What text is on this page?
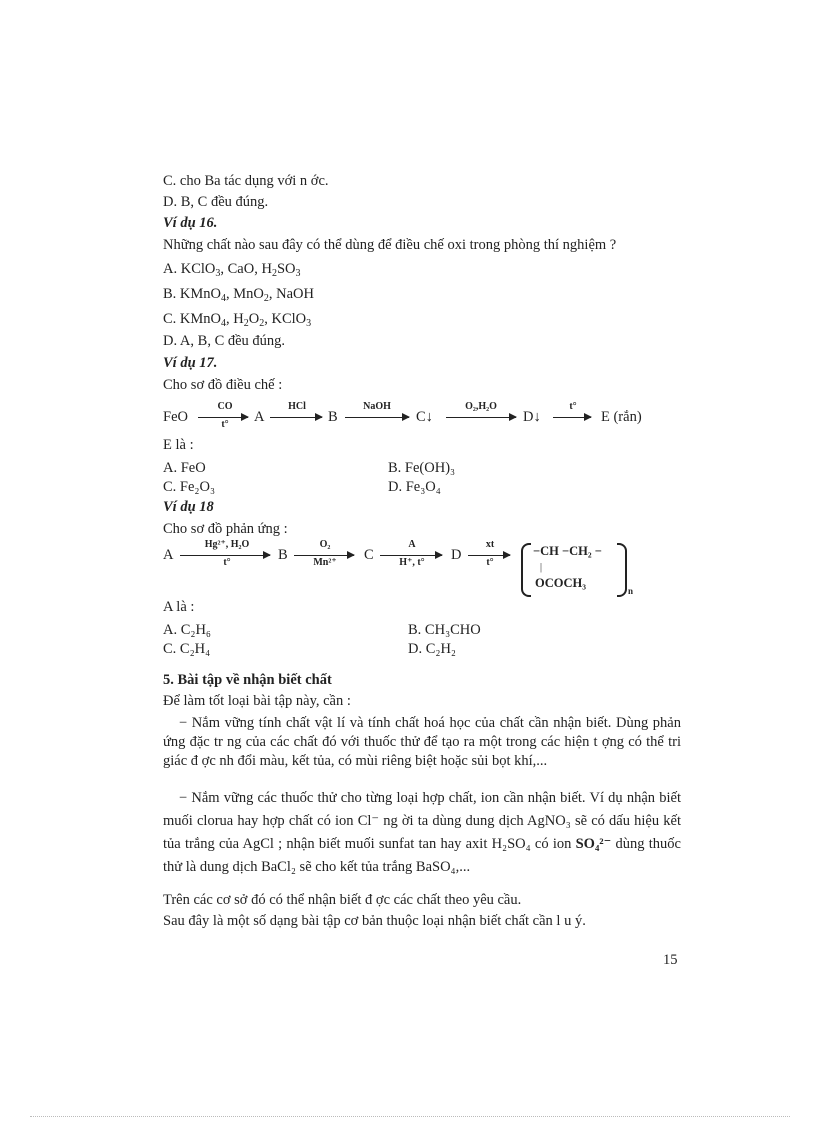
C. cho Ba tác dụng với n ớc.
D. B, C đều đúng.
Ví dụ 16.
Những chất nào sau đây có thể dùng để điều chế oxi trong phòng thí nghiệm ?
A. KClO$_3$, CaO, $H_2SO_3$
B. KMnO$_4$, MnO$_2$, NaOH
C. KMnO$_4$, $H_2O_2$, KClO$_3$
D. A, B, C đều đúng.
Ví dụ 17.
Cho sơ đồ điều chế :
FeO
CO
t°	A
HCl
B
NaOH
C↓
O₂,H₂O
D↓
t°
E (rắn)
E là :
A. FeO	B. Fe(OH)₃
C. Fe₂O₃	D. Fe₃O₄
Ví dụ 18
Cho sơ đồ phản ứng :
A
Hg²⁺, H₂O
t°	B
O₂
Mn²⁺	C
A
H⁺, t°	D
xt
t°
−CH −CH₂ −
|
OCOCH₃
n
A là :
A. C₂H₆	B. CH₃CHO
C. C₂H₄	D. C₂H₂
5. Bài tập về nhận biết chất
Để làm tốt loại bài tập này, cần :
− Nắm vững tính chất vật lí và tính chất hoá học của chất cần nhận biết. Dùng phản ứng đặc tr ng của các chất đó với thuốc thử để tạo ra một trong các hiện t ợng có thể tri giác đ ợc nh đổi màu, kết tủa, có mùi riêng biệt hoặc sủi bọt khí,...
− Nắm vững các thuốc thử cho từng loại hợp chất, ion cần nhận biết. Ví dụ nhận biết muối clorua hay hợp chất có ion Cl⁻ ng ời ta dùng dung dịch AgNO₃ sẽ có dấu hiệu kết tủa trắng của AgCl ; nhận biết muối sunfat tan hay axit H₂SO₄ có ion SO₄²⁻ dùng thuốc thử là dung dịch BaCl₂ sẽ cho kết tủa trắng BaSO₄,...
Trên các cơ sở đó có thể nhận biết đ ợc các chất theo yêu cầu.
Sau đây là một số dạng bài tập cơ bản thuộc loại nhận biết chất cần l u ý.
15
